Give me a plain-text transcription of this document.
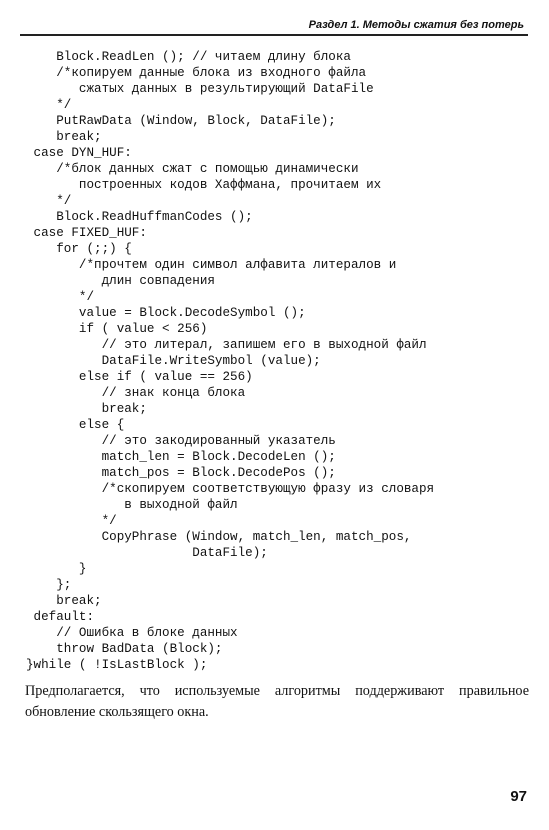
Раздел 1. Методы сжатия без потерь
Block.ReadLen (); // читаем длину блока
/*копируем данные блока из входного файла
сжатых данных в результирующий DataFile
*/
PutRawData (Window, Block, DataFile);
break;
case DYN_HUF:
/*блок данных сжат с помощью динамически
построенных кодов Хаффмана, прочитаем их
*/
Block.ReadHuffmanCodes ();
case FIXED_HUF:
for (;;) {
/*прочтем один символ алфавита литералов и
длин совпадения
*/
value = Block.DecodeSymbol ();
if ( value < 256)
// это литерал, запишем его в выходной файл
DataFile.WriteSymbol (value);
else if ( value == 256)
// знак конца блока
break;
else {
// это закодированный указатель
match_len = Block.DecodeLen ();
match_pos = Block.DecodePos ();
/*скопируем соответствующую фразу из словаря
в выходной файл
*/
CopyPhrase (Window, match_len, match_pos,
DataFile);
}
};
break;
default:
// Ошибка в блоке данных
throw BadData (Block);
}while ( !IsLastBlock );

Предполагается, что используемые алгоритмы поддерживают правильное обновление скользящего окна.

97
